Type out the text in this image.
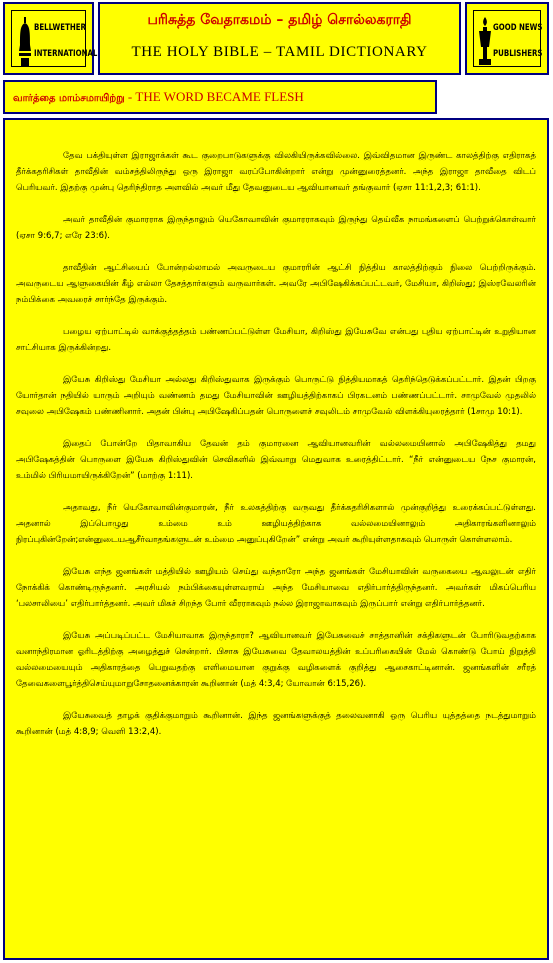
BELLWETHER
INTERNATIONAL
பரிசுத்த வேதாகமம் – தமிழ் சொல்லகராதி
THE HOLY BIBLE – TAMIL DICTIONARY
GOOD NEWS
PUBLISHERS
வார்த்தை மாம்சமாயிற்று - THE WORD BECAME FLESH

தேவ பக்தியுள்ள இராஜாக்கள் கூட குறைபாடுகளுக்கு விலகியிருக்கவில்லை. இவ்விதமான இருண்ட காலத்திற்கு எதிராகத் தீர்க்கதரிசிகள் தாவீதின் வம்சத்திலிருந்து ஒரு இராஜா வரப்போகின்றார் என்று முன்னுரைத்தனர். அந்த இராஜா தாவீதை விடப் பெரியவர். இதற்கு முன்பு தெரிந்திராத அளவில் அவர் மீது தேவனுடைய ஆவியானவர் தங்குவார் (ஏசா 11:1,2,3; 61:1).

அவர் தாவீதின் குமாரராக இருந்தாலும் யெகோவாவின் குமாரராகவும் இருந்து தெய்வீக நாமங்களைப் பெற்றுக்கொள்வார் (ஏசா 9:6,7; எரே 23:6).

தாவீதின் ஆட்சியைப் போன்றல்லாமல் அவருடைய குமாரரின் ஆட்சி நித்திய காலத்திற்கும் நிலை பெற்றிருக்கும். அவருடைய ஆளுகையின் கீழ் எல்லா தேசத்தார்களும் வருவார்கள். அவரே அபிஷேகிக்கப்பட்டவர், மேசியா, கிறிஸ்து; இஸ்ரவேலரின் நம்பிக்கை அவரைச் சார்ந்தே இருக்கும்.

பழைய ஏற்பாட்டில் வாக்குத்தத்தம் பண்ணப்பட்டுள்ள மேசியா, கிறிஸ்து இயேசுவே என்பது புதிய ஏற்பாட்டின் உறுதியான சாட்சியாக இருக்கின்றது.

இயேசு கிறிஸ்து மேசியா அல்லது கிறிஸ்துவாக இருக்கும் பொருட்டு நித்தியமாகத் தெரிந்தெடுக்கப்பட்டார். இதன் பிறகு யோர்தான் நதியில் யாரும் அறியும் வண்ணம் தமது மேசியாவின் ஊழியத்திற்காகப் பிரகடனம் பண்ணப்பட்டார். சாமுவேல் முதலில் சவுலை அபிஷேகம் பண்ணினார். அதன் பின்பு அபிஷேகிப்பதன் பொருளைச் சவுலிடம் சாமுவேல் விளக்கியுரைத்தார் (1சாமு 10:1).

இதைப் போன்றே பிதாவாகிய தேவன் தம் குமாரனை ஆவியானவரின் வல்லமையினால் அபிஷேகித்து தமது அபிஷேகத்தின் பொருளை இயேசு கிறிஸ்துவின் செவிகளில் இவ்வாறு மெதுவாக உரைத்திட்டார். “நீர் என்னுடைய நேச குமாரன், உம்மில் பிரியமாயிருக்கிறேன்” (மாற்கு 1:11).

அதாவது, நீர் யெகோவாவின்குமாரன், நீர் உலகத்திற்கு வருவது தீர்க்கதரிசிகளால் முன்குறித்து உரைக்கப்பட்டுள்ளது. அதனால் இப்பொழுது உம்மை உம் ஊழியத்திற்காக வல்லமையினாலும் அதிகாரங்களினாலும் நிரப்புகின்றேன்;என்னுடையஆசீர்வாதங்களுடன் உம்மை அனுப்புகிறேன்” என்று அவர் கூறியுள்ளதாகவும் பொருள் கொள்ளலாம்.

இயேசு எந்த ஜனங்கள் மத்தியில் ஊழியம் செய்து வந்தாரோ அந்த ஜனங்கள் மேசியாவின் வருகையை ஆவலுடன் எதிர் நோக்கிக் கொண்டிருந்தனர். அரசியல் நம்பிக்கையுள்ளவராய் அந்த மேசியாவை எதிர்பார்த்திருந்தனர். அவர்கள் மிகப்பெரிய ‘பலசாலியை’ எதிர்பார்த்தனர். அவர் மிகச் சிறந்த போர் வீரராகவும் நல்ல இராஜாவாகவும் இருப்பார் என்று எதிர்பார்த்தனர்.

இயேசு அப்படிப்பட்ட மேசியாவாக இருந்தாரா? ஆவியானவர் இயேசுவைச் சாத்தானின் சக்திகளுடன் போரிடுவதற்காக வனாந்திரமான ஓரிடத்திற்கு அழைத்துச் சென்றார். பிசாசு இயேசுவை தேவாலயத்தின் உப்பரிகையின் மேல் கொண்டு போய் நிறுத்தி வல்லமையையும் அதிகாரத்தை பெறுவதற்கு எளிமையான குறுக்கு வழிகளைக் குறித்து ஆசைகாட்டினான். ஜனங்களின் சரீரத் தேவைகளைபூர்த்திசெய்யுமாறுசோதனைக்காரன் கூறினான் (மத் 4:3,4; யோவான் 6:15,26).

இயேசுவைத் தாழக் குதிக்குமாறும் கூறினான். இந்த ஜனங்களுக்குத் தலைவனாகி ஒரு பெரிய யுத்தத்தை நடத்துமாறும் கூறினான் (மத் 4:8,9; வெளி 13:2,4).
